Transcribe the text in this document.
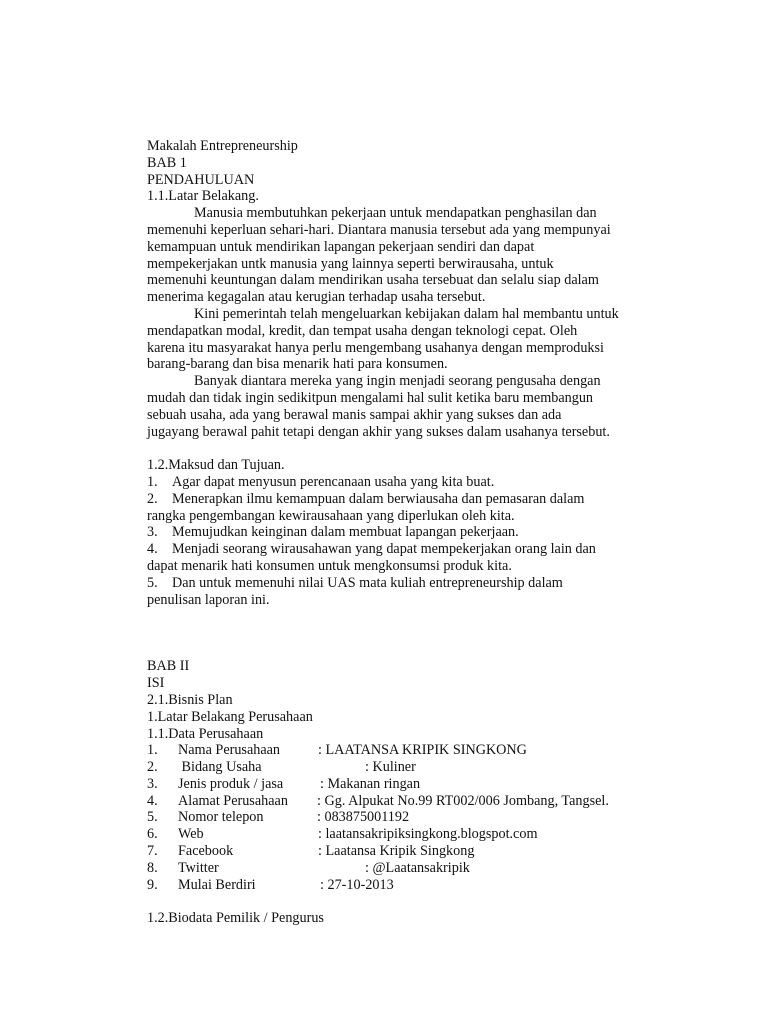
Makalah Entrepreneurship
BAB 1
PENDAHULUAN
1.1.Latar Belakang.
Manusia membutuhkan pekerjaan untuk mendapatkan penghasilan dan
memenuhi keperluan sehari-hari. Diantara manusia tersebut ada yang mempunyai
kemampuan untuk mendirikan lapangan pekerjaan sendiri dan dapat
mempekerjakan untk manusia yang lainnya seperti berwirausaha, untuk
memenuhi keuntungan dalam mendirikan usaha tersebuat dan selalu siap dalam
menerima kegagalan atau kerugian terhadap usaha tersebut.
Kini pemerintah telah mengeluarkan kebijakan dalam hal membantu untuk
mendapatkan modal, kredit, dan tempat usaha dengan teknologi cepat. Oleh
karena itu masyarakat hanya perlu mengembang usahanya dengan memproduksi
barang-barang dan bisa menarik hati para konsumen.
Banyak diantara mereka yang ingin menjadi seorang pengusaha dengan
mudah dan tidak ingin sedikitpun mengalami hal sulit ketika baru membangun
sebuah usaha, ada yang berawal manis sampai akhir yang sukses dan ada
jugayang berawal pahit tetapi dengan akhir yang sukses dalam usahanya tersebut.
1.2.Maksud dan Tujuan.
1. Agar dapat menyusun perencanaan usaha yang kita buat.
2. Menerapkan ilmu kemampuan dalam berwiausaha dan pemasaran dalam
rangka pengembangan kewirausahaan yang diperlukan oleh kita.
3. Memujudkan keinginan dalam membuat lapangan pekerjaan.
4. Menjadi seorang wirausahawan yang dapat mempekerjakan orang lain dan
dapat menarik hati konsumen untuk mengkonsumsi produk kita.
5. Dan untuk memenuhi nilai UAS mata kuliah entrepreneurship dalam
penulisan laporan ini.
BAB II
ISI
2.1.Bisnis Plan
1.Latar Belakang Perusahaan
1.1.Data Perusahaan
1. Nama Perusahaan	: LAATANSA KRIPIK SINGKONG
2. Bidang Usaha	: Kuliner
3. Jenis produk / jasa	: Makanan ringan
4. Alamat Perusahaan : Gg. Alpukat No.99 RT002/006 Jombang, Tangsel.
5. Nomor telepon	: 083875001192
6. Web	: laatansakripiksingkong.blogspot.com
7. Facebook	: Laatansa Kripik Singkong
8. Twitter	: @Laatansakripik
9. Mulai Berdiri	: 27-10-2013
1.2.Biodata Pemilik / Pengurus
